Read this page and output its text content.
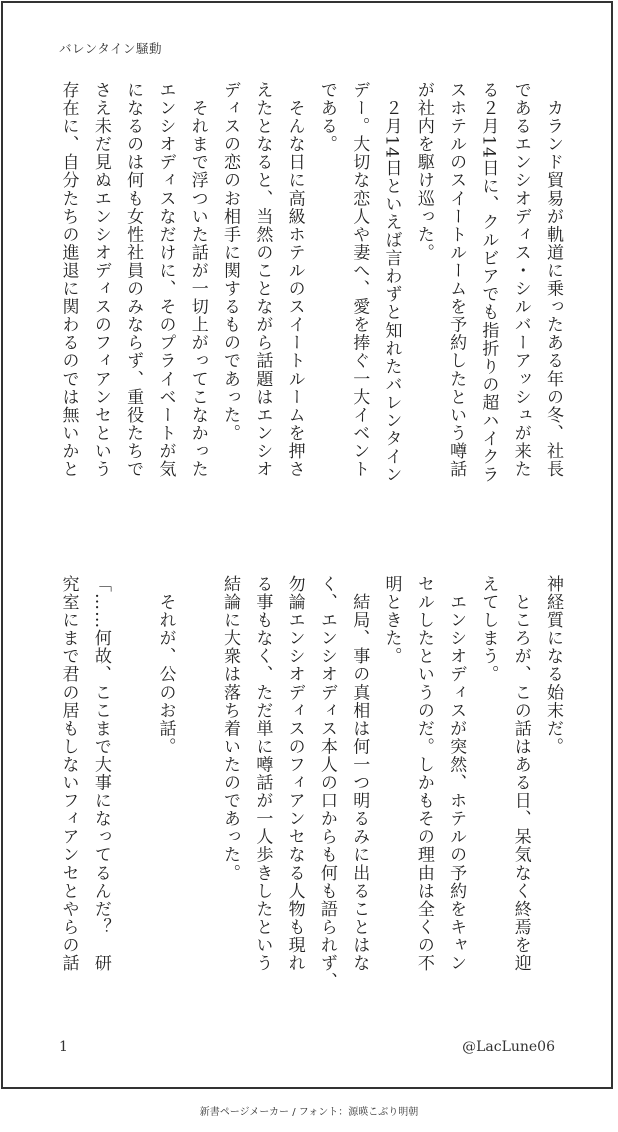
バレンタイン騒動
　カランド貿易が軌道に乗ったある年の冬、社長
であるエンシオディス・シルバーアッシュが来た
る２月14日に、クルビアでも指折りの超ハイクラ
スホテルのスイートルームを予約したという噂話
が社内を駆け巡った。
　２月14日といえば言わずと知れたバレンタイン
デー。大切な恋人や妻へ、愛を捧ぐ一大イベント
である。
　そんな日に高級ホテルのスイートルームを押さ
えたとなると、当然のことながら話題はエンシオ
ディスの恋のお相手に関するものであった。
　それまで浮ついた話が一切上がってこなかった
エンシオディスなだけに、そのプライベートが気
になるのは何も女性社員のみならず、重役たちで
さえ未だ見ぬエンシオディスのフィアンセという
存在に、自分たちの進退に関わるのでは無いかと
神経質になる始末だ。
　ところが、この話はある日、呆気なく終焉を迎
えてしまう。
　エンシオディスが突然、ホテルの予約をキャン
セルしたというのだ。しかもその理由は全くの不
明ときた。
　結局、事の真相は何一つ明るみに出ることはな
く、エンシオディス本人の口からも何も語られず、
勿論エンシオディスのフィアンセなる人物も現れ
る事もなく、ただ単に噂話が一人歩きしたという
結論に大衆は落ち着いたのであった。

　それが、公のお話。

「……何故、ここまで大事になってるんだ？　研
究室にまで君の居もしないフィアンセとやらの話
1	@LacLune06
新書ページメーカー / フォント：源暎こぶり明朝
